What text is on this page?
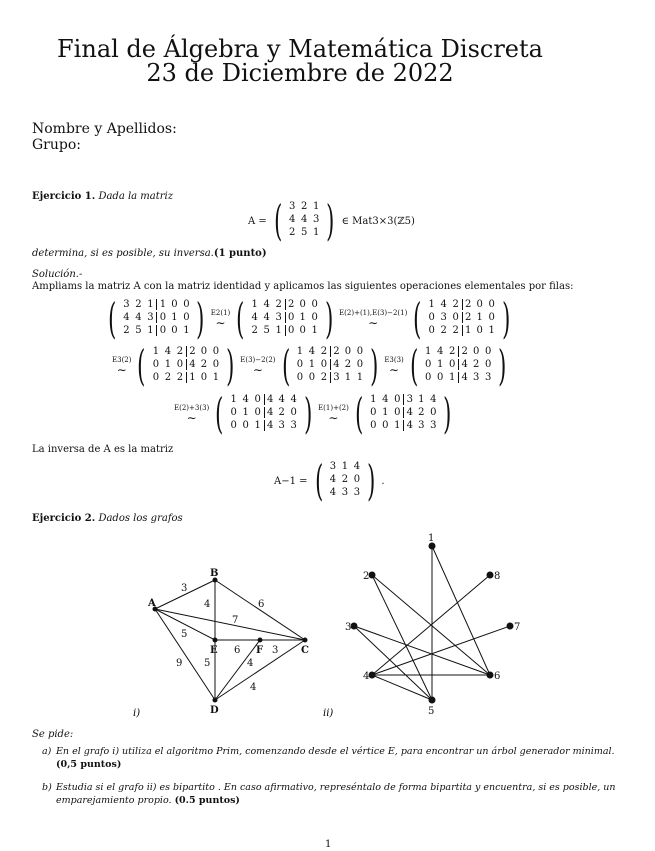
Final de Álgebra y Matemática Discreta
23 de Diciembre de 2022
Nombre y Apellidos:
Grupo:
Ejercicio 1. Dada la matriz
A = ( 3 2 1
4 4 3
2 5 1 ) ∈ Mat3×3(ℤ5)
determina, si es posible, su inversa.(1 punto)
Solución.-
Ampliams la matriz A con la matriz identidad y aplicamos las siguientes operaciones elementales por filas:
( 3 2 1 1 0 0
4 4 3 0 1 0
2 5 1 0 0 1 ) E2(1)
∼ ( 1 4 2 2 0 0
4 4 3 0 1 0
2 5 1 0 0 1 ) E(2)+(1),E(3)−2(1)
∼ ( 1 4 2 2 0 0
0 3 0 2 1 0
0 2 2 1 0 1 )
E3(2)
∼ ( 1 4 2 2 0 0
0 1 0 4 2 0
0 2 2 1 0 1 ) E(3)−2(2)
∼ ( 1 4 2 2 0 0
0 1 0 4 2 0
0 0 2 3 1 1 ) E3(3)
∼ ( 1 4 2 2 0 0
0 1 0 4 2 0
0 0 1 4 3 3 )
E(2)+3(3)
∼ ( 1 4 0 4 4 4
0 1 0 4 2 0
0 0 1 4 3 3 ) E(1)+(2)
∼ ( 1 4 0 3 1 4
0 1 0 4 2 0
0 0 1 4 3 3 )
La inversa de A es la matriz
A−1 = ( 3 1 4
4 2 0
4 3 3 ) .
Ejercicio 2. Dados los grafos
A
B
E	F	C
D
3
4	6
7
5
6	3
9 5	4
4
i)
1
2	8
3	7
4	6
5
ii)
Se pide:
a) En el grafo i) utiliza el algoritmo Prim, comenzando desde el vértice E, para encontrar un árbol generador minimal. (0,5 puntos)
b) Estudia si el grafo ii) es bipartito . En caso afirmativo, represéntalo de forma bipartita y encuentra, si es posible, un emparejamiento propio. (0.5 puntos)
1
